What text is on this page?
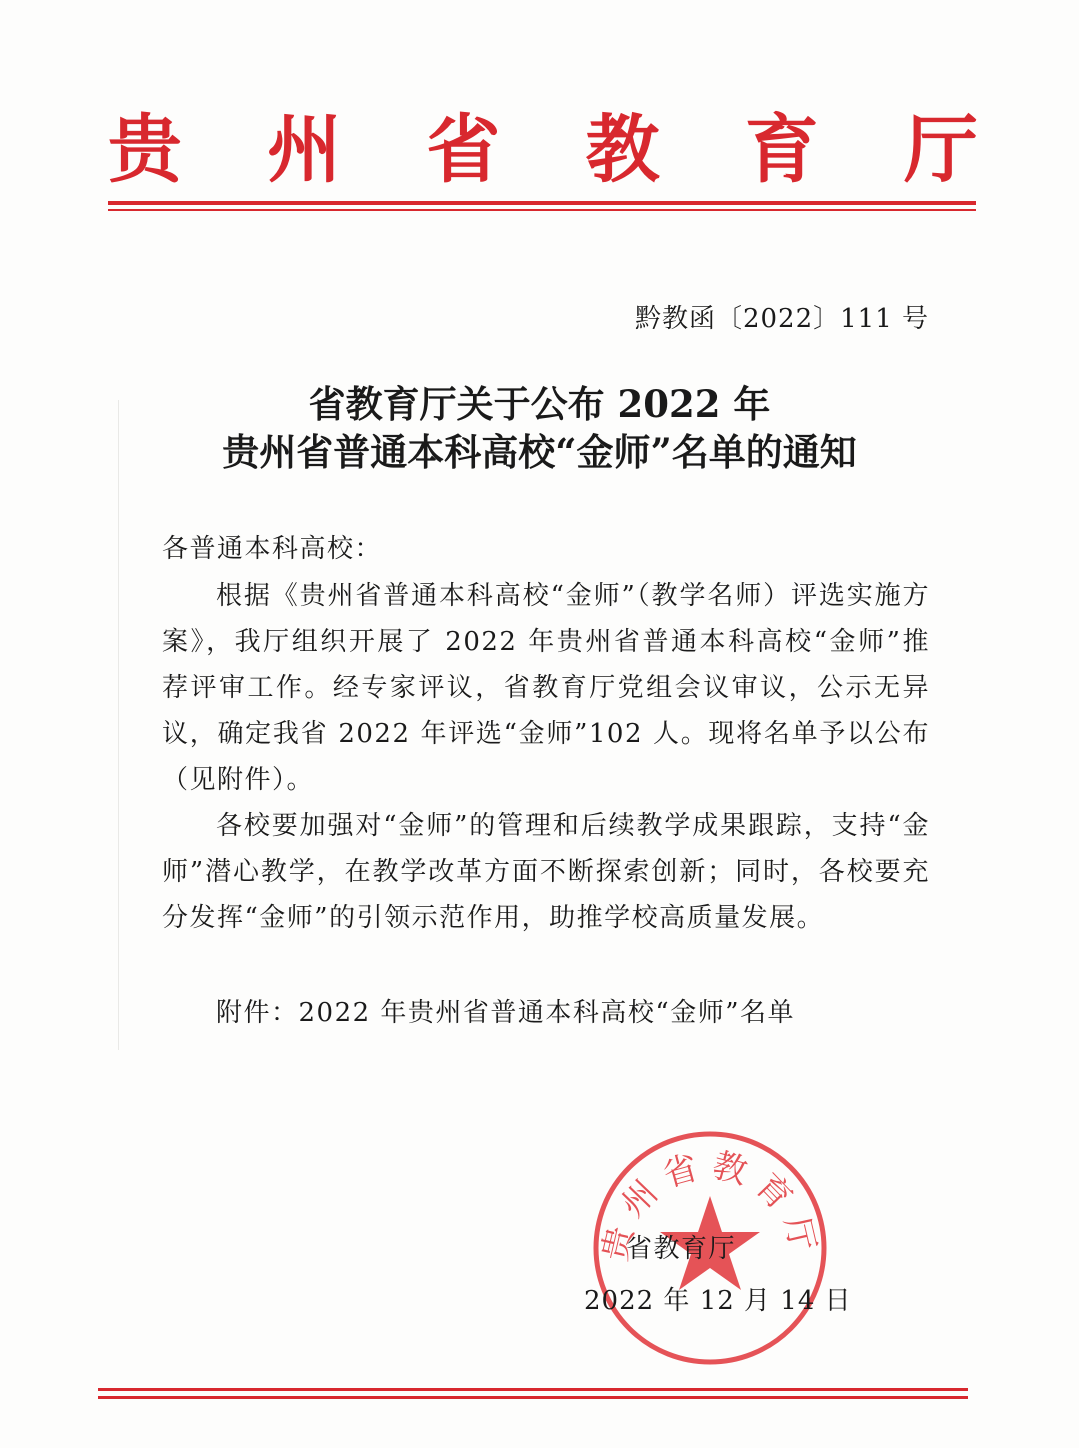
贵 州 省 教 育 厅
黔教函〔2022〕111 号
省教育厅关于公布 2022 年
贵州省普通本科高校“金师”名单的通知
各普通本科高校：
根据《贵州省普通本科高校“金师”（教学名师）评选实施方案》，我厅组织开展了 2022 年贵州省普通本科高校“金师”推荐评审工作。经专家评议，省教育厅党组会议审议，公示无异议，确定我省 2022 年评选“金师”102 人。现将名单予以公布（见附件）。
各校要加强对“金师”的管理和后续教学成果跟踪，支持“金师”潜心教学，在教学改革方面不断探索创新；同时，各校要充分发挥“金师”的引领示范作用，助推学校高质量发展。
附件：2022 年贵州省普通本科高校“金师”名单
贵州省教育厅
省教育厅
2022 年 12 月 14 日
